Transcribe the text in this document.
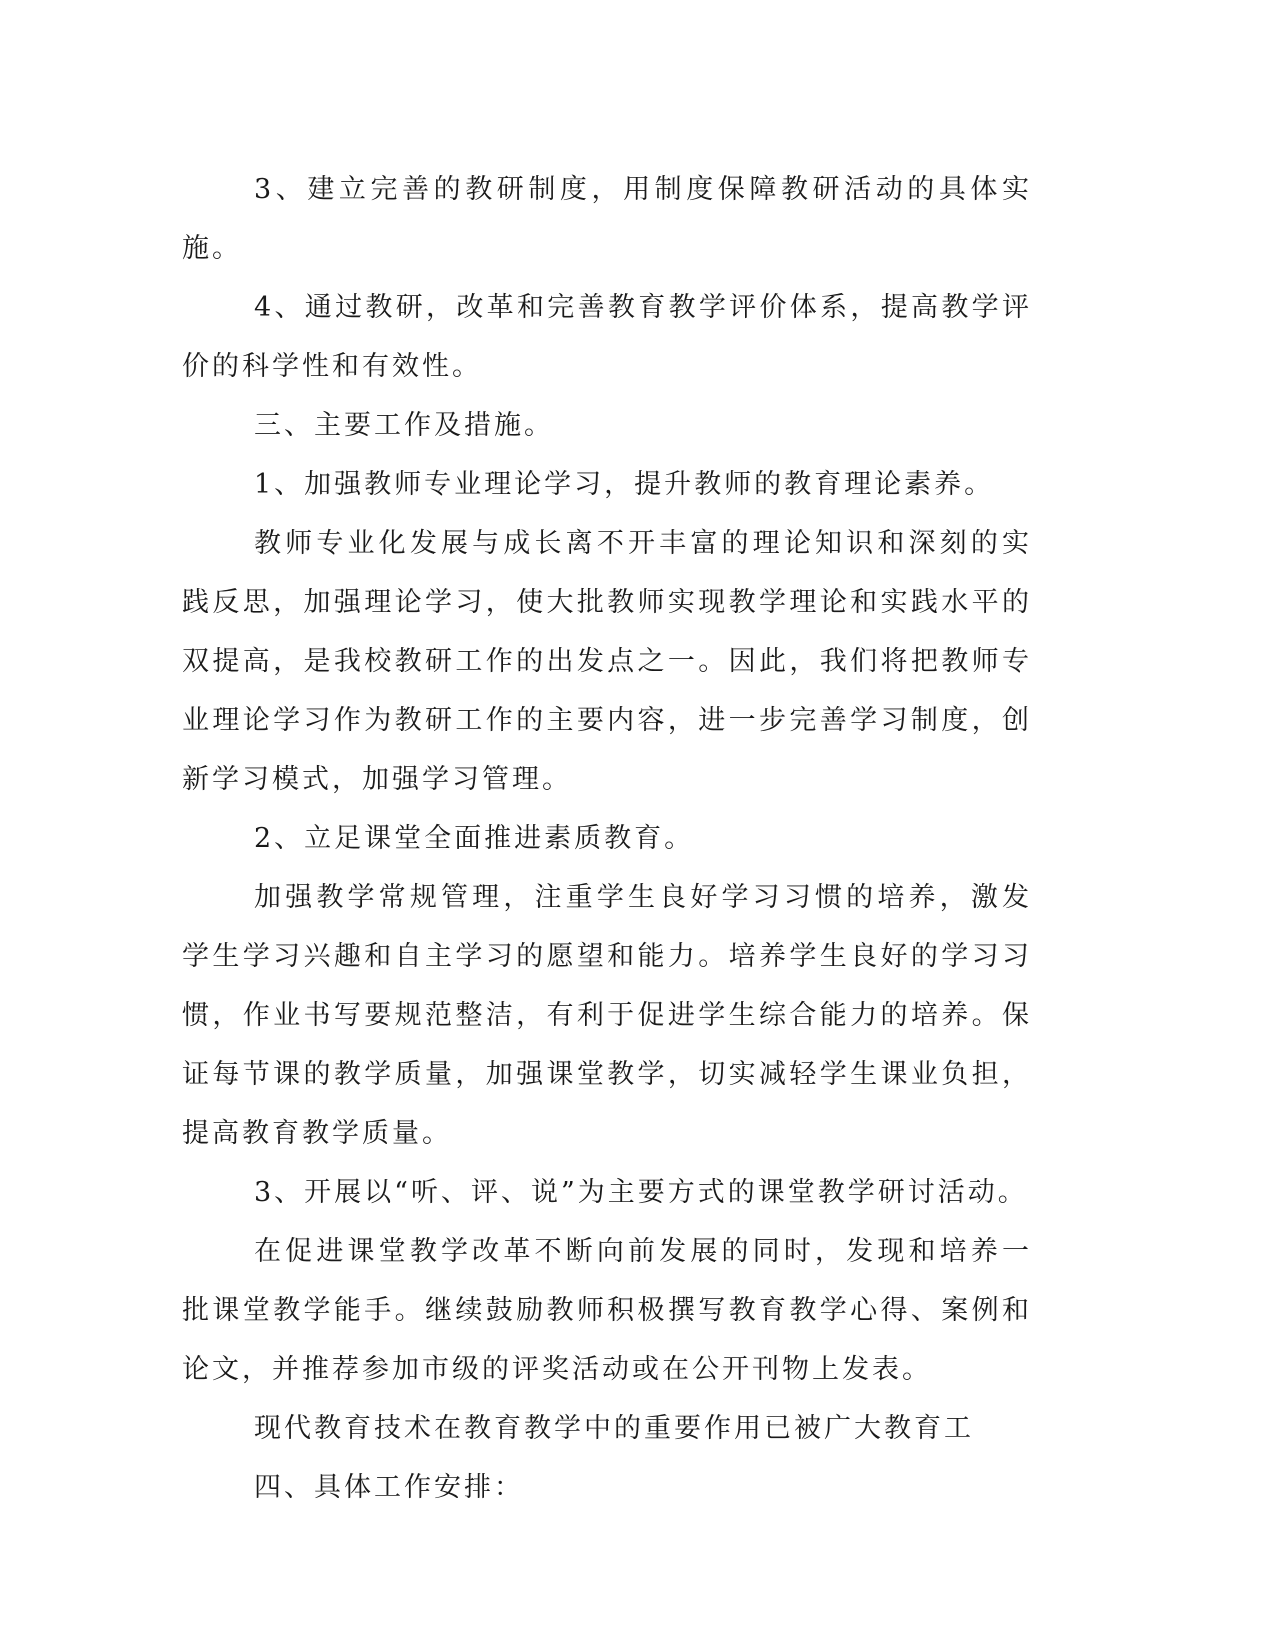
3、建立完善的教研制度，用制度保障教研活动的具体实施。

4、通过教研，改革和完善教育教学评价体系，提高教学评价的科学性和有效性。

三、主要工作及措施。

1、加强教师专业理论学习，提升教师的教育理论素养。

教师专业化发展与成长离不开丰富的理论知识和深刻的实践反思，加强理论学习，使大批教师实现教学理论和实践水平的双提高，是我校教研工作的出发点之一。因此，我们将把教师专业理论学习作为教研工作的主要内容，进一步完善学习制度，创新学习模式，加强学习管理。

2、立足课堂全面推进素质教育。

加强教学常规管理，注重学生良好学习习惯的培养，激发学生学习兴趣和自主学习的愿望和能力。培养学生良好的学习习惯，作业书写要规范整洁，有利于促进学生综合能力的培养。保证每节课的教学质量，加强课堂教学，切实减轻学生课业负担，提高教育教学质量。

3、开展以“听、评、说”为主要方式的课堂教学研讨活动。

在促进课堂教学改革不断向前发展的同时，发现和培养一批课堂教学能手。继续鼓励教师积极撰写教育教学心得、案例和论文，并推荐参加市级的评奖活动或在公开刊物上发表。

现代教育技术在教育教学中的重要作用已被广大教育工

四、具体工作安排：
